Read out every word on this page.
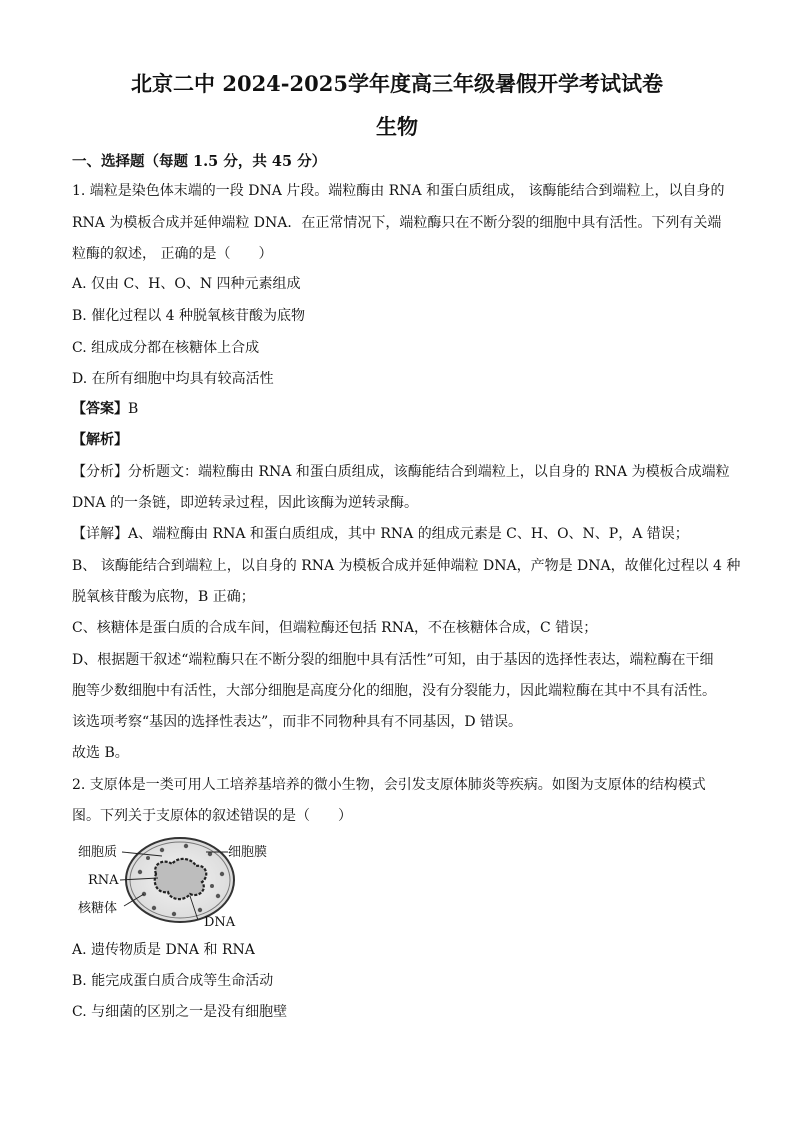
北京二中 2024-2025学年度高三年级暑假开学考试试卷
生物
一、选择题（每题 1.5 分，共 45 分）
1. 端粒是染色体末端的一段 DNA 片段。端粒酶由 RNA 和蛋白质组成， 该酶能结合到端粒上，以自身的
RNA 为模板合成并延伸端粒 DNA．在正常情况下，端粒酶只在不断分裂的细胞中具有活性。下列有关端
粒酶的叙述， 正确的是（　　）
A. 仅由 C、H、O、N 四种元素组成
B. 催化过程以 4 种脱氧核苷酸为底物
C. 组成成分都在核糖体上合成
D. 在所有细胞中均具有较高活性
【答案】B
【解析】
【分析】分析题文：端粒酶由 RNA 和蛋白质组成，该酶能结合到端粒上，以自身的 RNA 为模板合成端粒
DNA 的一条链，即逆转录过程，因此该酶为逆转录酶。
【详解】A、端粒酶由 RNA 和蛋白质组成，其中 RNA 的组成元素是 C、H、O、N、P，A 错误；
B、 该酶能结合到端粒上，以自身的 RNA 为模板合成并延伸端粒 DNA，产物是 DNA，故催化过程以 4 种
脱氧核苷酸为底物，B 正确；
C、核糖体是蛋白质的合成车间，但端粒酶还包括 RNA，不在核糖体合成，C 错误；
D、根据题干叙述“端粒酶只在不断分裂的细胞中具有活性”可知，由于基因的选择性表达，端粒酶在干细
胞等少数细胞中有活性，大部分细胞是高度分化的细胞，没有分裂能力，因此端粒酶在其中不具有活性。
该选项考察“基因的选择性表达”，而非不同物种具有不同基因，D 错误。
故选 B。
2. 支原体是一类可用人工培养基培养的微小生物，会引发支原体肺炎等疾病。如图为支原体的结构模式
图。下列关于支原体的叙述错误的是（　　）
细胞质	细胞膜
RNA
核糖体
DNA
A. 遗传物质是 DNA 和 RNA
B. 能完成蛋白质合成等生命活动
C. 与细菌的区别之一是没有细胞壁
